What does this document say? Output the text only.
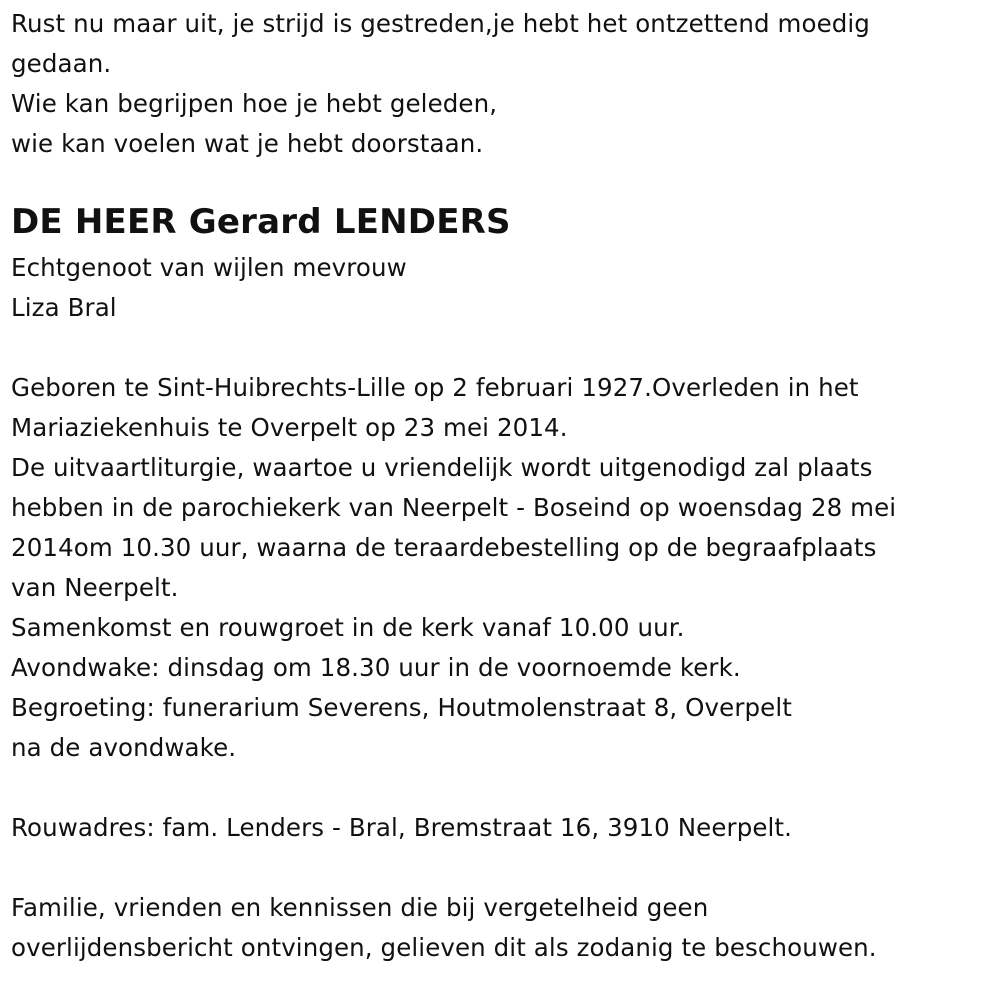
Rust nu maar uit, je strijd is gestreden,je hebt het ontzettend moedig
gedaan.
Wie kan begrijpen hoe je hebt geleden,
wie kan voelen wat je hebt doorstaan.
DE HEER Gerard LENDERS
Echtgenoot van wijlen mevrouw
Liza Bral
Geboren te Sint-Huibrechts-Lille op 2 februari 1927.Overleden in het
Mariaziekenhuis te Overpelt op 23 mei 2014.
De uitvaartliturgie, waartoe u vriendelijk wordt uitgenodigd zal plaats
hebben in de parochiekerk van Neerpelt - Boseind op woensdag 28 mei
2014om 10.30 uur, waarna de teraardebestelling op de begraafplaats
van Neerpelt.
Samenkomst en rouwgroet in de kerk vanaf 10.00 uur.
Avondwake: dinsdag om 18.30 uur in de voornoemde kerk.
Begroeting: funerarium Severens, Houtmolenstraat 8, Overpelt
na de avondwake.
Rouwadres: fam. Lenders - Bral, Bremstraat 16, 3910 Neerpelt.
Familie, vrienden en kennissen die bij vergetelheid geen
overlijdensbericht ontvingen, gelieven dit als zodanig te beschouwen.
